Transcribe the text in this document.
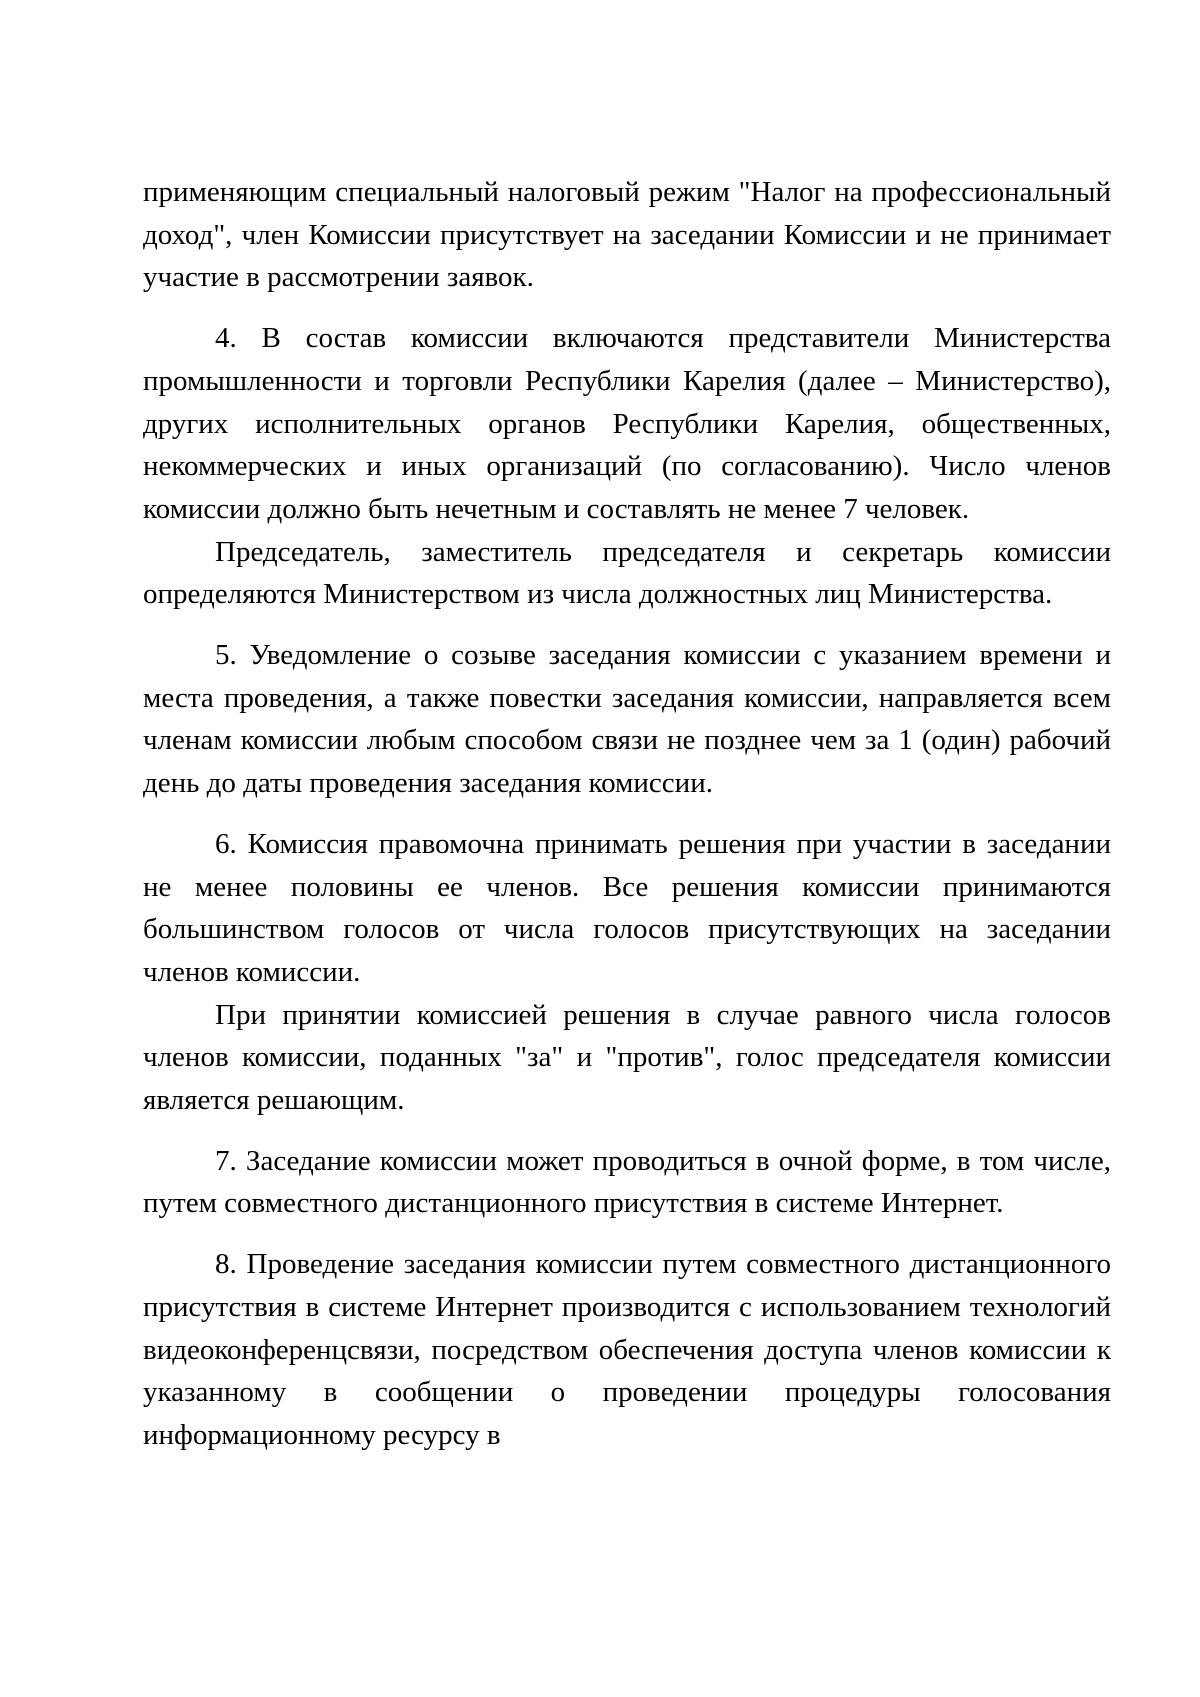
применяющим специальный налоговый режим "Налог на профессиональный доход", член Комиссии присутствует на заседании Комиссии и не принимает участие в рассмотрении заявок.

4. В состав комиссии включаются представители Министерства промышленности и торговли Республики Карелия (далее – Министерство), других исполнительных органов Республики Карелия, общественных, некоммерческих и иных организаций (по согласованию). Число членов комиссии должно быть нечетным и составлять не менее 7 человек.

Председатель, заместитель председателя и секретарь комиссии определяются Министерством из числа должностных лиц Министерства.

5. Уведомление о созыве заседания комиссии с указанием времени и места проведения, а также повестки заседания комиссии, направляется всем членам комиссии любым способом связи не позднее чем за 1 (один) рабочий день до даты проведения заседания комиссии.

6. Комиссия правомочна принимать решения при участии в заседании не менее половины ее членов. Все решения комиссии принимаются большинством голосов от числа голосов присутствующих на заседании членов комиссии.

При принятии комиссией решения в случае равного числа голосов членов комиссии, поданных "за" и "против", голос председателя комиссии является решающим.

7. Заседание комиссии может проводиться в очной форме, в том числе, путем совместного дистанционного присутствия в системе Интернет.

8. Проведение заседания комиссии путем совместного дистанционного присутствия в системе Интернет производится с использованием технологий видеоконференцсвязи, посредством обеспечения доступа членов комиссии к указанному в сообщении о проведении процедуры голосования информационному ресурсу в
